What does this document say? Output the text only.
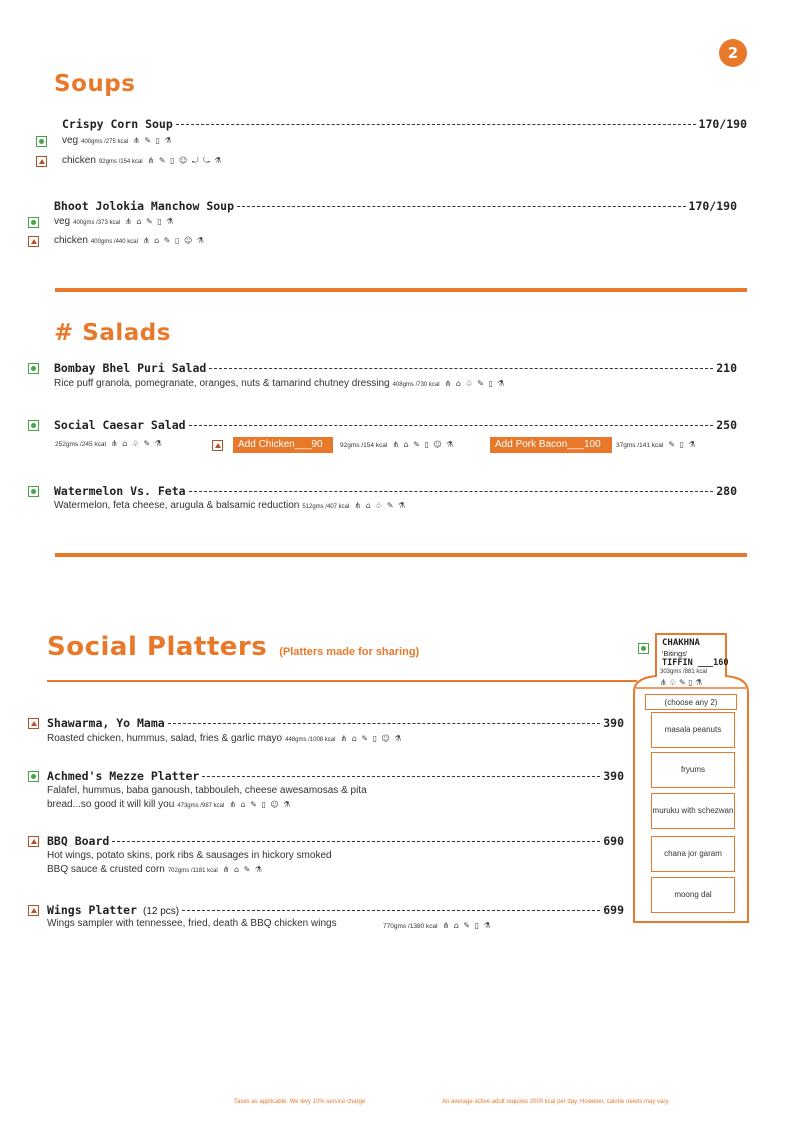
2
Soups
Crispy Corn Soup	170/190
veg 400gms /275 kcal ⋔ ✎ ▯ ⚗
chicken 92gms /154 kcal ⋔ ✎ ▯ ☺ ⤾ ⤿ ⚗
Bhoot Jolokia Manchow Soup	170/190
veg 400gms /373 kcal ⋔ ⌂ ✎ ▯ ⚗
chicken 400gms /440 kcal ⋔ ⌂ ✎ ▯ ☺ ⚗
# Salads
Bombay Bhel Puri Salad	210
Rice puff granola, pomegranate, oranges, nuts & tamarind chutney dressing 408gms /730 kcal ⋔ ⌂ ♧ ✎ ▯ ⚗
Social Caesar Salad	250
252gms /245 kcal ⋔ ⌂ ♧ ✎ ⚗	Add Chicken___90	92gms /154 kcal ⋔ ⌂ ✎ ▯ ☺ ⚗	Add Pork Bacon___100	37gms /141 kcal ✎ ▯ ⚗
Watermelon Vs. Feta	280
Watermelon, feta cheese, arugula & balsamic reduction 512gms /407 kcal ⋔ ⌂ ♧ ✎ ⚗
Social Platters (Platters made for sharing)
Shawarma, Yo Mama	390
Roasted chicken, hummus, salad, fries & garlic mayo 448gms /1008 kcal ⋔ ⌂ ✎ ▯ ☺ ⚗
Achmed's Mezze Platter	390
Falafel, hummus, baba ganoush, tabbouleh, cheese awesamosas & pita
bread...so good it will kill you 473gms /987 kcal ⋔ ⌂ ✎ ▯ ☺ ⚗
BBQ Board	690
Hot wings, potato skins, pork ribs & sausages in hickory smoked
BBQ sauce & crusted corn 702gms /1181 kcal ⋔ ⌂ ✎ ⚗
Wings Platter (12 pcs)	699
Wings sampler with tennessee, fried, death & BBQ chicken wings	770gms /1380 kcal ⋔ ⌂ ✎ ▯ ⚗
CHAKHNA
'Bitings'
TIFFIN ___160
303gms /881 kcal
⋔ ♧ ✎ ▯ ⚗
(choose any 2)
masala peanuts
fryums
muruku with schezwan
chana jor garam
moong dal
Taxes as applicable. We levy 10% service charge	An average active adult requires 2000 kcal per day. However, calorie needs may vary.
